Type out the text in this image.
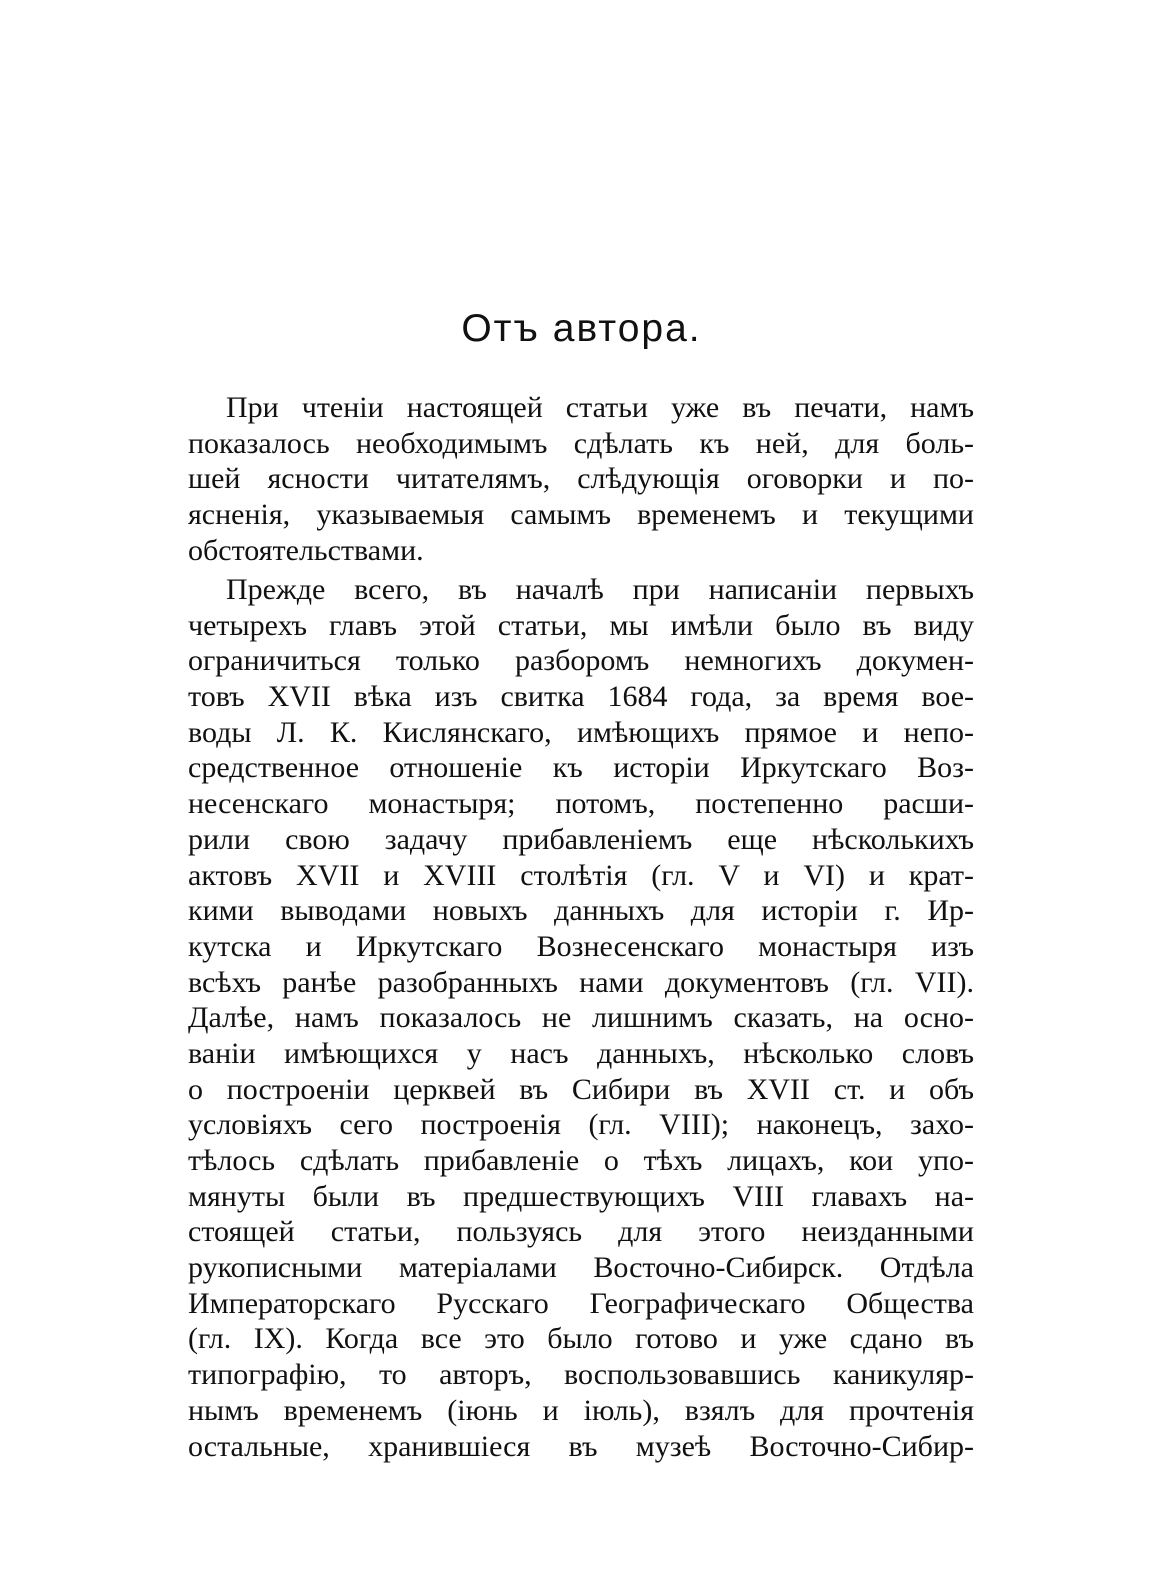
Отъ автора.
При чтеніи настоящей статьи уже въ печати, намъ
показалось необходимымъ сдѣлать къ ней, для боль-
шей ясности читателямъ, слѣдующія оговорки и по-
ясненія, указываемыя самымъ временемъ и текущими
обстоятельствами.
Прежде всего, въ началѣ при написаніи первыхъ
четырехъ главъ этой статьи, мы имѣли было въ виду
ограничиться только разборомъ немногихъ докумен-
товъ XVII вѣка изъ свитка 1684 года, за время вое-
воды Л. К. Кислянскаго, имѣющихъ прямое и непо-
средственное отношеніе къ исторіи Иркутскаго Воз-
несенскаго монастыря; потомъ, постепенно расши-
рили свою задачу прибавленіемъ еще нѣсколькихъ
актовъ XVII и XVIII столѣтія (гл. V и VI) и крат-
кими выводами новыхъ данныхъ для исторіи г. Ир-
кутска и Иркутскаго Вознесенскаго монастыря изъ
всѣхъ ранѣе разобранныхъ нами документовъ (гл. VII).
Далѣе, намъ показалось не лишнимъ сказать, на осно-
ваніи имѣющихся у насъ данныхъ, нѣсколько словъ
о построеніи церквей въ Сибири въ XVII ст. и объ
условіяхъ сего построенія (гл. VIII); наконецъ, захо-
тѣлось сдѣлать прибавленіе о тѣхъ лицахъ, кои упо-
мянуты были въ предшествующихъ VIII главахъ на-
стоящей статьи, пользуясь для этого неизданными
рукописными матеріалами Восточно-Сибирск. Отдѣла
Императорскаго Русскаго Географическаго Общества
(гл. IX). Когда все это было готово и уже сдано въ
типографію, то авторъ, воспользовавшись каникуляр-
нымъ временемъ (іюнь и іюль), взялъ для прочтенія
остальные, хранившіеся въ музеѣ Восточно-Сибир-
